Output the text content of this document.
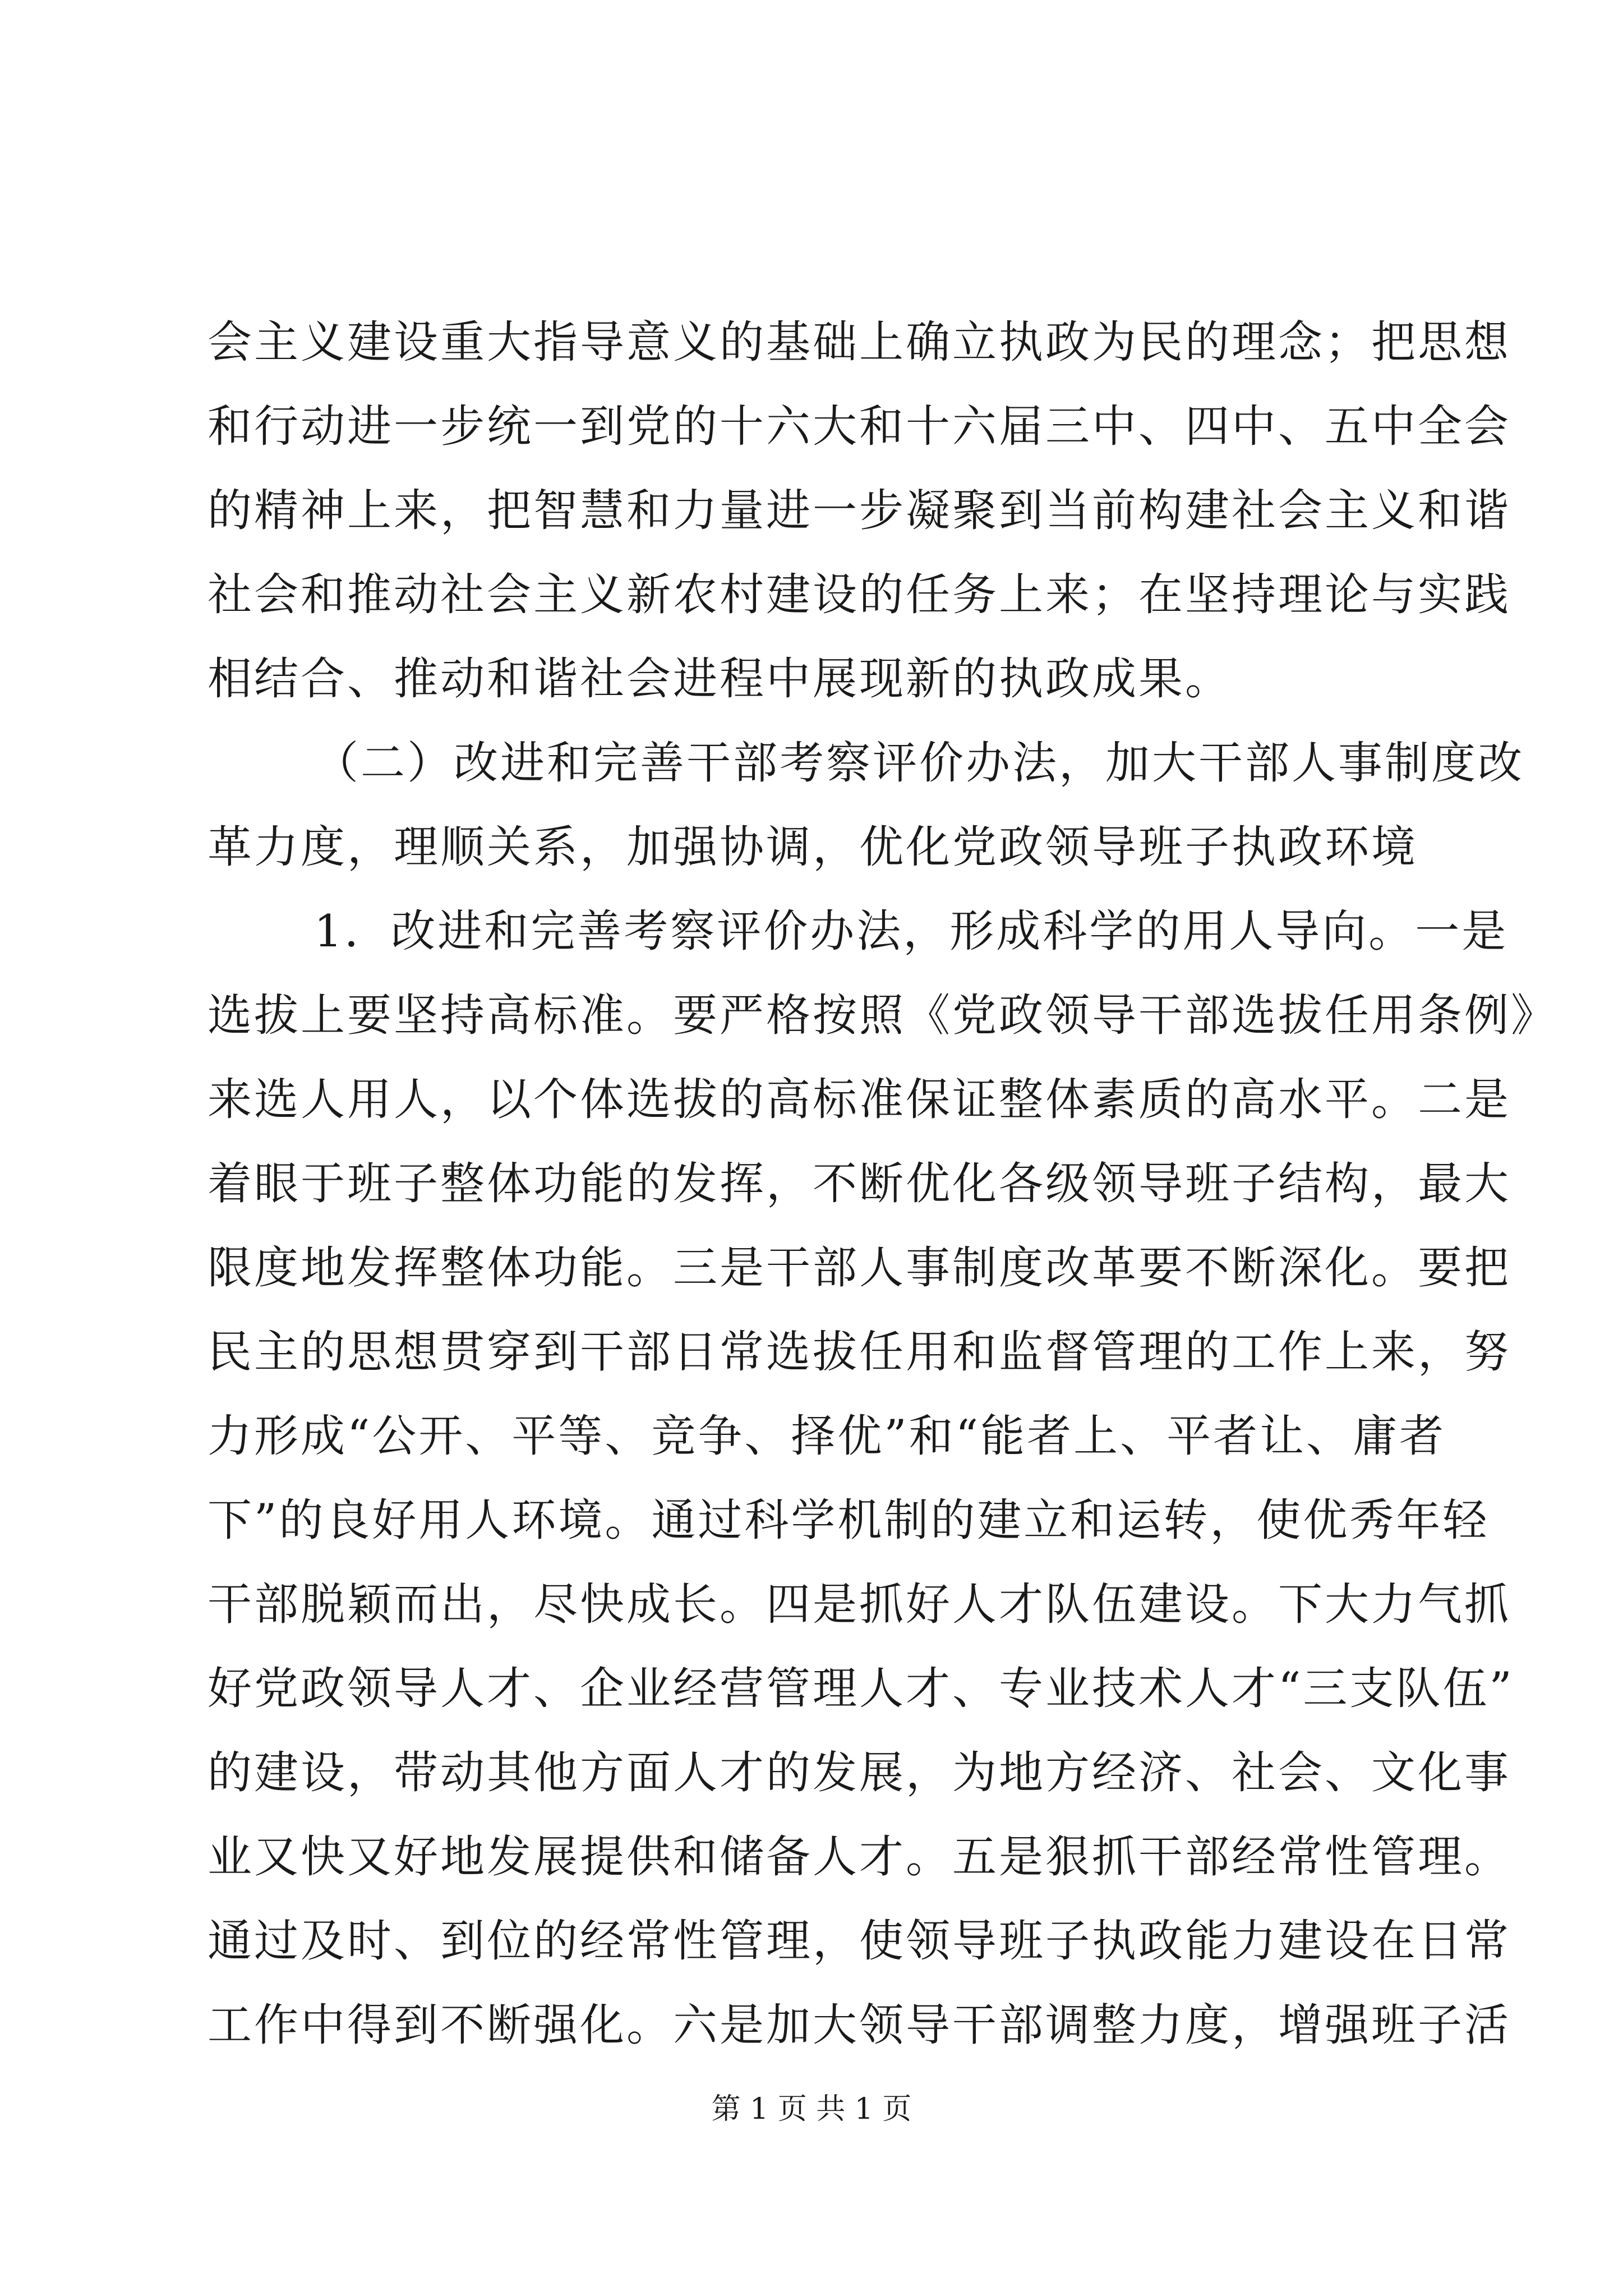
会主义建设重大指导意义的基础上确立执政为民的理念；把思想
和行动进一步统一到党的十六大和十六届三中、四中、五中全会
的精神上来，把智慧和力量进一步凝聚到当前构建社会主义和谐
社会和推动社会主义新农村建设的任务上来；在坚持理论与实践
相结合、推动和谐社会进程中展现新的执政成果。
（二）改进和完善干部考察评价办法，加大干部人事制度改
革力度，理顺关系，加强协调，优化党政领导班子执政环境
1．改进和完善考察评价办法，形成科学的用人导向。一是
选拔上要坚持高标准。要严格按照《党政领导干部选拔任用条例》
来选人用人，以个体选拔的高标准保证整体素质的高水平。二是
着眼于班子整体功能的发挥，不断优化各级领导班子结构，最大
限度地发挥整体功能。三是干部人事制度改革要不断深化。要把
民主的思想贯穿到干部日常选拔任用和监督管理的工作上来，努
力形成“公开、平等、竞争、择优”和“能者上、平者让、庸者
下”的良好用人环境。通过科学机制的建立和运转，使优秀年轻
干部脱颖而出，尽快成长。四是抓好人才队伍建设。下大力气抓
好党政领导人才、企业经营管理人才、专业技术人才“三支队伍”
的建设，带动其他方面人才的发展，为地方经济、社会、文化事
业又快又好地发展提供和储备人才。五是狠抓干部经常性管理。
通过及时、到位的经常性管理，使领导班子执政能力建设在日常
工作中得到不断强化。六是加大领导干部调整力度，增强班子活
第 1 页 共 1 页
